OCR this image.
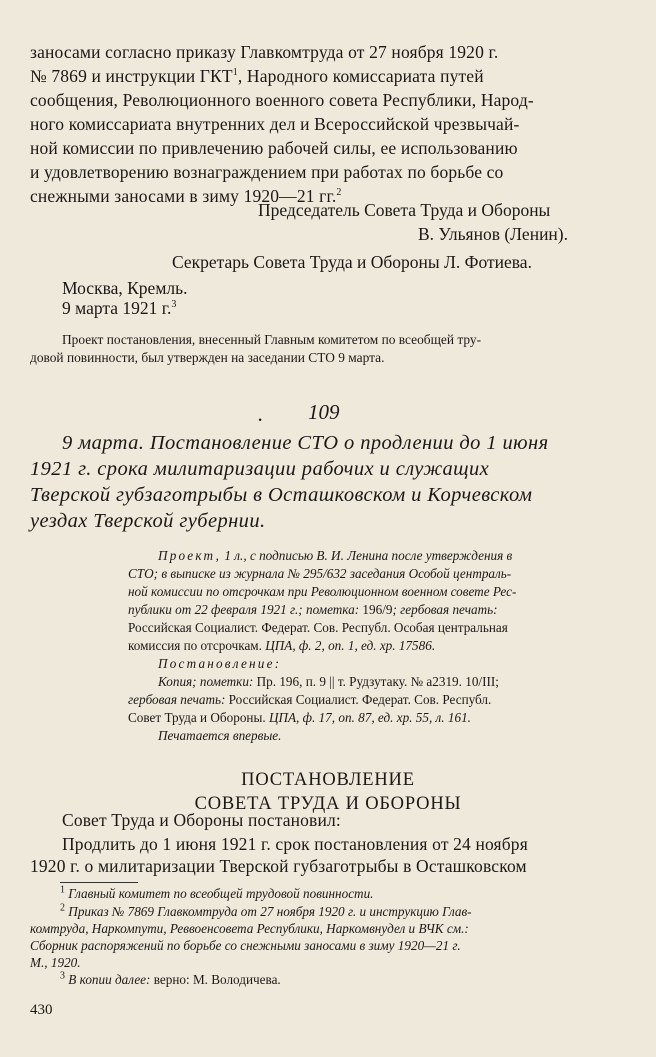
заносами согласно приказу Главкомтруда от 27 ноября 1920 г.
№ 7869 и инструкции ГКТ$^1$, Народного комиссариата путей
сообщения, Революционного военного совета Республики, Народ-
ного комиссариата внутренних дел и Всероссийской чрезвычай-
ной комиссии по привлечению рабочей силы, ее использованию
и удовлетворению вознаграждением при работах по борьбе со
снежными заносами в зиму 1920—21 гг.$^2$
Председатель Совета Труда и Обороны
В. Ульянов (Ленин).
Секретарь Совета Труда и Обороны Л. Фотиева.
Москва, Кремль.
9 марта 1921 г.$^3$
Проект постановления, внесенный Главным комитетом по всеобщей тру-
довой повинности, был утвержден на заседании СТО 9 марта.
. 109
9 марта. Постановление СТО о продлении до 1 июня
1921 г. срока милитаризации рабочих и служащих
Тверской губзаготрыбы в Осташковском и Корчевском
уездах Тверской губернии.
Проект, 1 л., с подписью В. И. Ленина после утверждения в
СТО; в выписке из журнала № 295/632 заседания Особой централь-
ной комиссии по отсрочкам при Революционном военном совете Рес-
публики от 22 февраля 1921 г.; пометка: 196/9; гербовая печать:
Российская Социалист. Федерат. Сов. Республ. Особая центральная
комиссия по отсрочкам. ЦПА, ф. 2, оп. 1, ед. хр. 17586.
Постановление:
Копия; пометки: Пр. 196, п. 9 || т. Рудзутаку. № а2319. 10/III;
гербовая печать: Российская Социалист. Федерат. Сов. Республ.
Совет Труда и Обороны. ЦПА, ф. 17, оп. 87, ед. хр. 55, л. 161.
Печатается впервые.
ПОСТАНОВЛЕНИЕ
СОВЕТА ТРУДА И ОБОРОНЫ
Совет Труда и Обороны постановил:
Продлить до 1 июня 1921 г. срок постановления от 24 ноября
1920 г. о милитаризации Тверской губзаготрыбы в Осташковском
$^1$ Главный комитет по всеобщей трудовой повинности.
$^2$ Приказ № 7869 Главкомтруда от 27 ноября 1920 г. и инструкцию Глав-
комтруда, Наркомпути, Реввоенсовета Республики, Наркомвнудел и ВЧК см.:
Сборник распоряжений по борьбе со снежными заносами в зиму 1920—21 г.
М., 1920.
$^3$ В копии далее: верно: М. Володичева.
430
